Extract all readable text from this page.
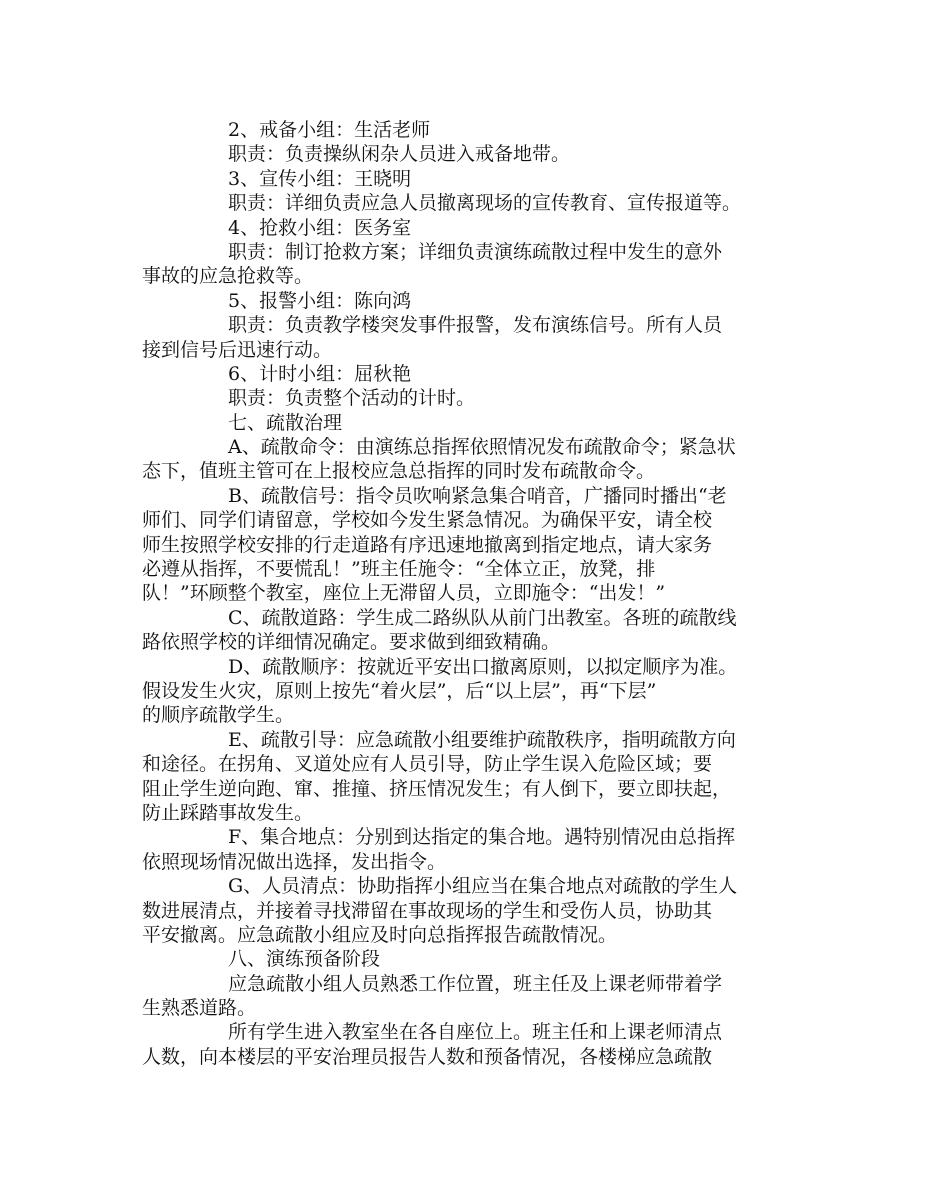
2、戒备小组：生活老师
职责：负责操纵闲杂人员进入戒备地带。
3、宣传小组：王晓明
职责：详细负责应急人员撤离现场的宣传教育、宣传报道等。
4、抢救小组：医务室
职责：制订抢救方案；详细负责演练疏散过程中发生的意外
事故的应急抢救等。
5、报警小组：陈向鸿
职责：负责教学楼突发事件报警，发布演练信号。所有人员
接到信号后迅速行动。
6、计时小组：屈秋艳
职责：负责整个活动的计时。
七、疏散治理
A、疏散命令：由演练总指挥依照情况发布疏散命令；紧急状
态下，值班主管可在上报校应急总指挥的同时发布疏散命令。
B、疏散信号：指令员吹响紧急集合哨音，广播同时播出“老
师们、同学们请留意，学校如今发生紧急情况。为确保平安，请全校
师生按照学校安排的行走道路有序迅速地撤离到指定地点，请大家务
必遵从指挥，不要慌乱！”班主任施令：“全体立正，放凳，排
队！”环顾整个教室，座位上无滞留人员，立即施令：“出发！”
C、疏散道路：学生成二路纵队从前门出教室。各班的疏散线
路依照学校的详细情况确定。要求做到细致精确。
D、疏散顺序：按就近平安出口撤离原则，以拟定顺序为准。
假设发生火灾，原则上按先“着火层”，后“以上层”，再“下层”
的顺序疏散学生。
E、疏散引导：应急疏散小组要维护疏散秩序，指明疏散方向
和途径。在拐角、叉道处应有人员引导，防止学生误入危险区域；要
阻止学生逆向跑、窜、推撞、挤压情况发生；有人倒下，要立即扶起，
防止踩踏事故发生。
F、集合地点：分别到达指定的集合地。遇特别情况由总指挥
依照现场情况做出选择，发出指令。
G、人员清点：协助指挥小组应当在集合地点对疏散的学生人
数进展清点，并接着寻找滞留在事故现场的学生和受伤人员，协助其
平安撤离。应急疏散小组应及时向总指挥报告疏散情况。
八、演练预备阶段
应急疏散小组人员熟悉工作位置，班主任及上课老师带着学
生熟悉道路。
所有学生进入教室坐在各自座位上。班主任和上课老师清点
人数，向本楼层的平安治理员报告人数和预备情况，各楼梯应急疏散
